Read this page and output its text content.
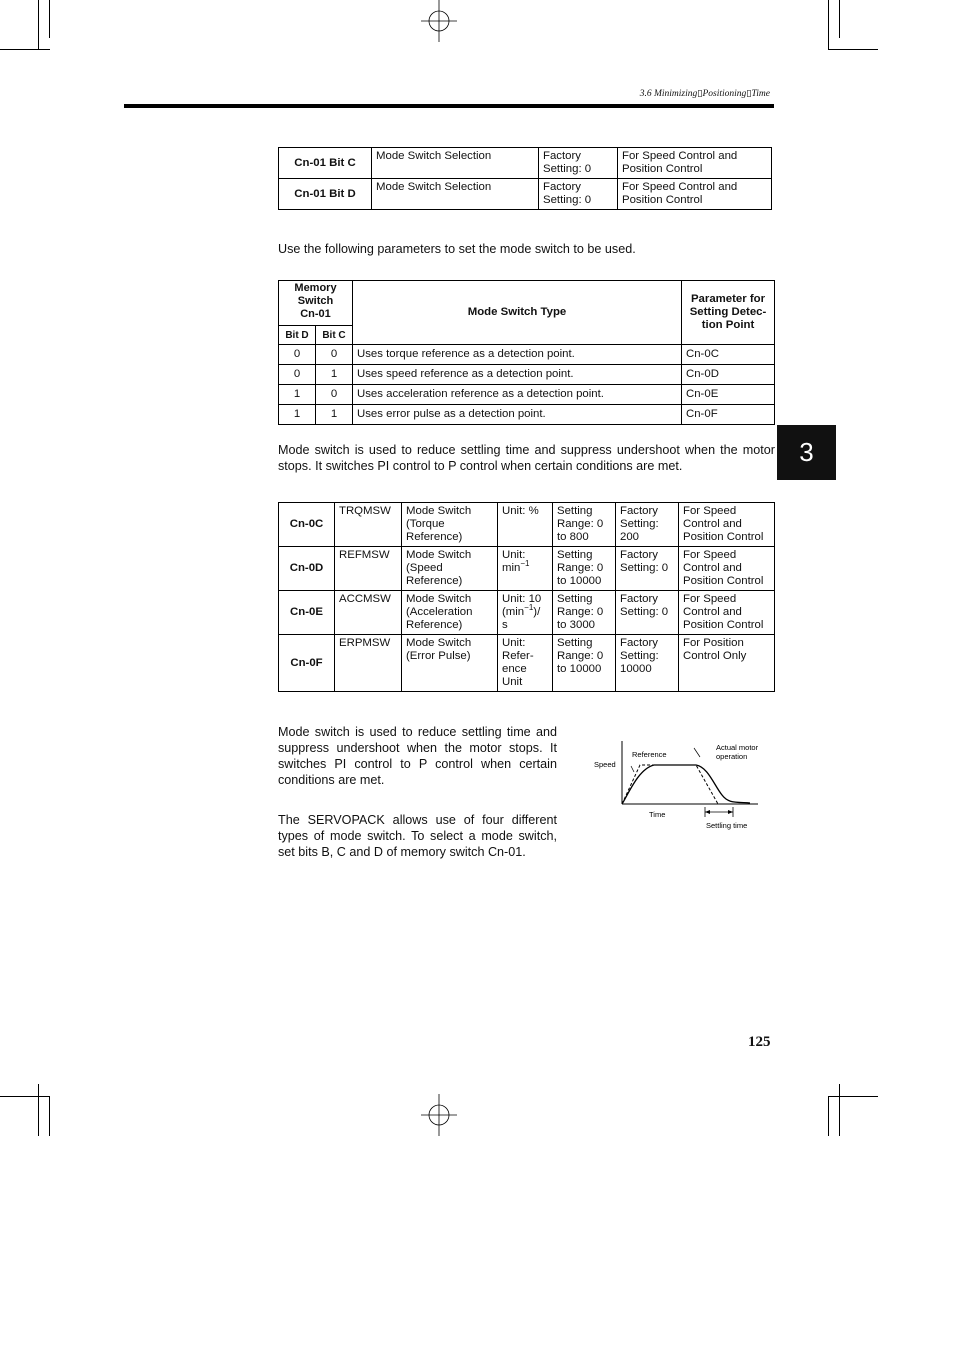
3.6 Minimizing▯Positioning▯Time
Cn-01 Bit C	Mode Switch Selection	Factory Setting: 0	For Speed Control and Position Control
Cn-01 Bit D	Mode Switch Selection	Factory Setting: 0	For Speed Control and Position Control
Use the following parameters to set the mode switch to be used.
Memory Switch Cn-01		Mode Switch Type	Parameter for Setting Detec- tion Point
Bit D	Bit C		
0	0	Uses torque reference as a detection point.	Cn-0C
0	1	Uses speed reference as a detection point.	Cn-0D
1	0	Uses acceleration reference as a detection point.	Cn-0E
1	1	Uses error pulse as a detection point.	Cn-0F
3
Mode switch is used to reduce settling time and suppress undershoot when the motor stops. It switches PI control to P control when certain conditions are met.
Cn-0C	TRQMSW	Mode Switch (Torque Reference)	Unit: %	Setting Range: 0 to 800	Factory Setting: 200	For Speed Control and Position Control
Cn-0D	REFMSW	Mode Switch (Speed Reference)	Unit: $\min^{-1}$	Setting Range: 0 to 10000	Factory Setting: 0	For Speed Control and Position Control
Cn-0E	ACCMSW	Mode Switch (Acceleration Reference)	Unit: 10 $(\min^{-1})/$ s	Setting Range: 0 to 3000	Factory Setting: 0	For Speed Control and Position Control
Cn-0F	ERPMSW	Mode Switch (Error Pulse)	Unit: Refer- ence Unit	Setting Range: 0 to 10000	Factory Setting: 10000	For Position Control Only
Mode switch is used to reduce settling time and suppress undershoot when the motor stops. It switches PI control to P control when certain conditions are met.
The SERVOPACK allows use of four different types of mode switch. To select a mode switch, set bits B, C and D of memory switch Cn-01.
Speed
Reference
Actual motor
operation
Time
Settling time
125
